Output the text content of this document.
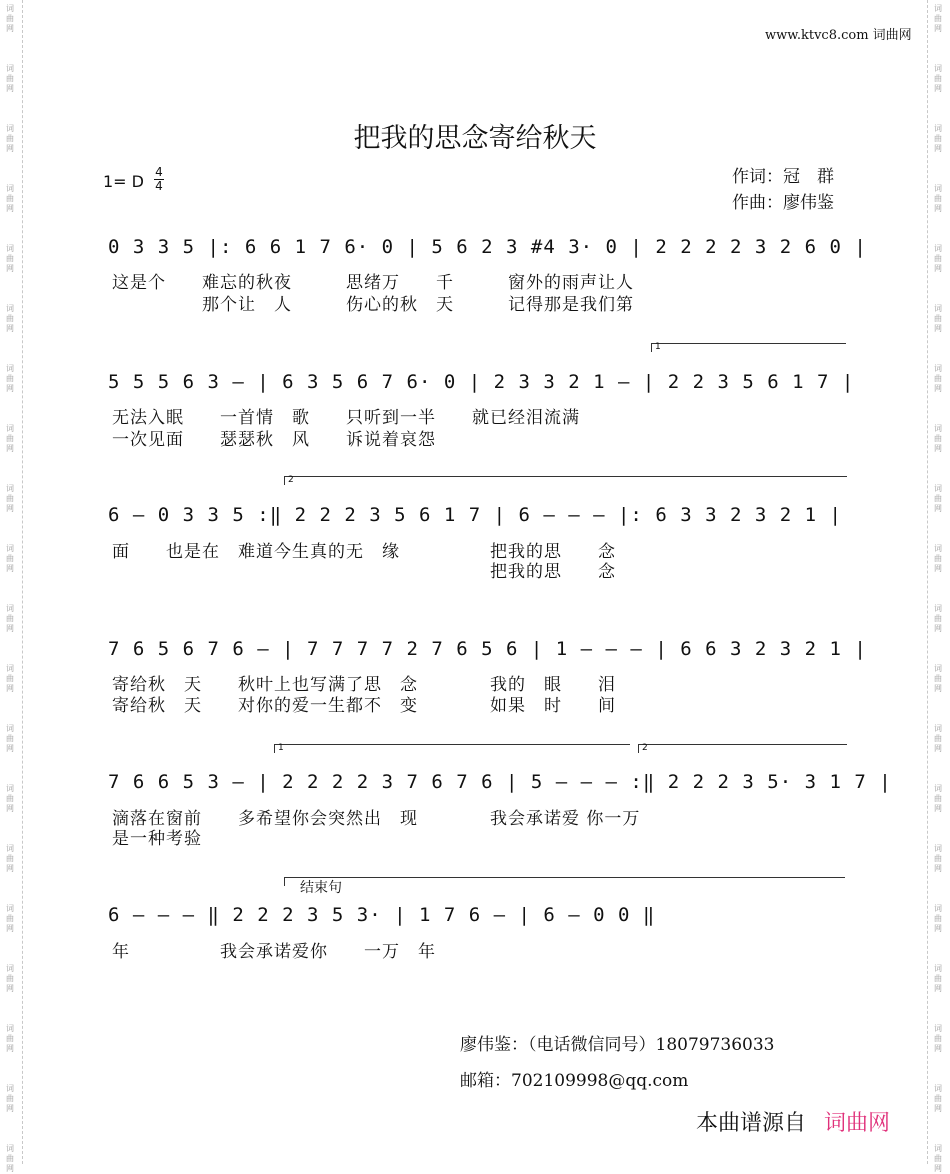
词
曲
网
词
曲
网
词
曲
网
词
曲
网
词
曲
网
词
曲
网
词
曲
网
词
曲
网
词
曲
网
词
曲
网
词
曲
网
词
曲
网
词
曲
网
词
曲
网
词
曲
网
词
曲
网
词
曲
网
词
曲
网
词
曲
网
词
曲
网
词
曲
网
词
曲
网
词
曲
网
词
曲
网
词
曲
网
词
曲
网
词
曲
网
词
曲
网
词
曲
网
词
曲
网
词
曲
网
词
曲
网
词
曲
网
词
曲
网
词
曲
网
词
曲
网
词
曲
网
词
曲
网
词
曲
网
词
曲
网
www.ktvc8.com 词曲网
把我的思念寄给秋天
1= D $\frac{4}{4}$	作词：冠　群
作曲：廖伟鉴
0 3 3 5 |: 6 6 1 7 6· 0 | 5 6 2 3 #4 3· 0 | 2 2 2 2 3 2 6 0 |
这是个　　难忘的秋夜　　　思绪万　　千　　　窗外的雨声让人
　　　　　那个让　人　　　伤心的秋　天　　　记得那是我们第
1
5 5 5 6 3 — | 6 3 5 6 7 6· 0 | 2 3 3 2 1 — | 2 2 3 5 6 1 7 |
无法入眠　　一首情　歌　　只听到一半　　就已经泪流满
一次见面　　瑟瑟秋　风　　诉说着哀怨
2
6 — 0 3 3 5 :‖ 2 2 2 3 5 6 1 7 | 6 — — — |: 6 3 3 2 3 2 1 |
面　　也是在　难道今生真的无　缘　　　　　把我的思　　念
　　　　　　　　　　　　　　　　　　　　　把我的思　　念
7 6 5 6 7 6 — | 7 7 7 7 2 7 6 5 6 | 1 — — — | 6 6 3 2 3 2 1 |
寄给秋　天　　秋叶上也写满了思　念　　　　我的　眼　　泪
寄给秋　天　　对你的爱一生都不　变　　　　如果　时　　间
1	2
7 6 6 5 3 — | 2 2 2 2 3 7 6 7 6 | 5 — — — :‖ 2 2 2 3 5· 3 1 7 |
滴落在窗前　　多希望你会突然出　现　　　　我会承诺爱 你一万
是一种考验
结束句
6 — — — ‖ 2 2 2 3 5 3· | 1 7 6 — | 6 — 0 0 ‖
年　　　　　我会承诺爱你　　一万　年
廖伟鉴：（电话微信同号）18079736033
邮箱：702109998@qq.com
本曲谱源自 词曲网
